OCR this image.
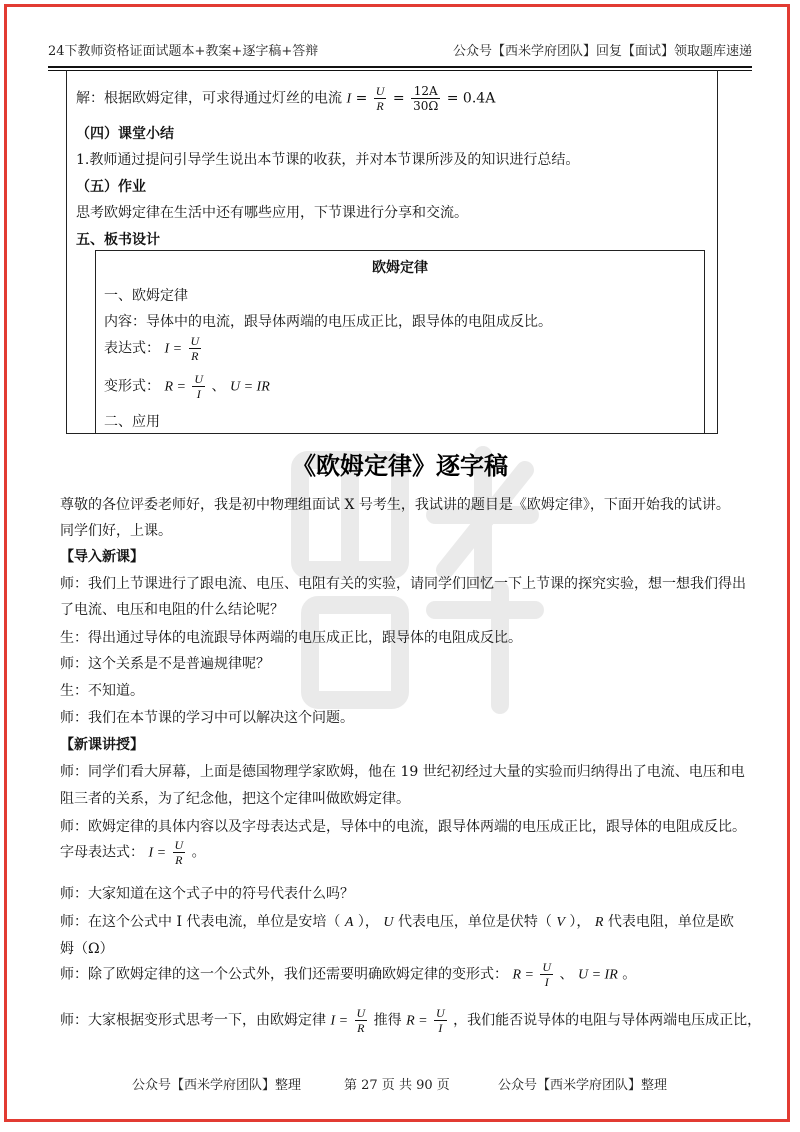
24下教师资格证面试题本+教案+逐字稿+答辩	公众号【西米学府团队】回复【面试】领取题库速递
解：根据欧姆定律，可求得通过灯丝的电流 $I = \frac{U}{R} = \frac{12A}{30\Omega} = 0.4A$
（四）课堂小结
1.教师通过提问引导学生说出本节课的收获，并对本节课所涉及的知识进行总结。
（五）作业
思考欧姆定律在生活中还有哪些应用，下节课进行分享和交流。
五、板书设计
欧姆定律
一、欧姆定律
内容：导体中的电流，跟导体两端的电压成正比，跟导体的电阻成反比。
表达式： $I = \frac{U}{R}$
变形式： $R = \frac{U}{I}$ 、 U = IR
二、应用
《欧姆定律》逐字稿
尊敬的各位评委老师好，我是初中物理组面试 X 号考生，我试讲的题目是《欧姆定律》，下面开始我的试讲。
同学们好，上课。
【导入新课】
师：我们上节课进行了跟电流、电压、电阻有关的实验，请同学们回忆一下上节课的探究实验，想一想我们得出
了电流、电压和电阻的什么结论呢？
生：得出通过导体的电流跟导体两端的电压成正比，跟导体的电阻成反比。
师：这个关系是不是普遍规律呢？
生：不知道。
师：我们在本节课的学习中可以解决这个问题。
【新课讲授】
师：同学们看大屏幕，上面是德国物理学家欧姆，他在 19 世纪初经过大量的实验而归纳得出了电流、电压和电
阻三者的关系，为了纪念他，把这个定律叫做欧姆定律。
师：欧姆定律的具体内容以及字母表达式是，导体中的电流，跟导体两端的电压成正比，跟导体的电阻成反比。
字母表达式： $I = \frac{U}{R}$ 。
师：大家知道在这个式子中的符号代表什么吗？
师：在这个公式中 I 代表电流，单位是安培（ A ）， U 代表电压，单位是伏特（ V ）， R 代表电阻，单位是欧
姆（Ω）
师：除了欧姆定律的这一个公式外，我们还需要明确欧姆定律的变形式： $R = \frac{U}{I}$ 、 U = IR 。
师：大家根据变形式思考一下，由欧姆定律 $I = \frac{U}{R}$ 推得 $R = \frac{U}{I}$ ，我们能否说导体的电阻与导体两端电压成正比，
公众号【西米学府团队】整理	第 27 页 共 90 页	公众号【西米学府团队】整理
